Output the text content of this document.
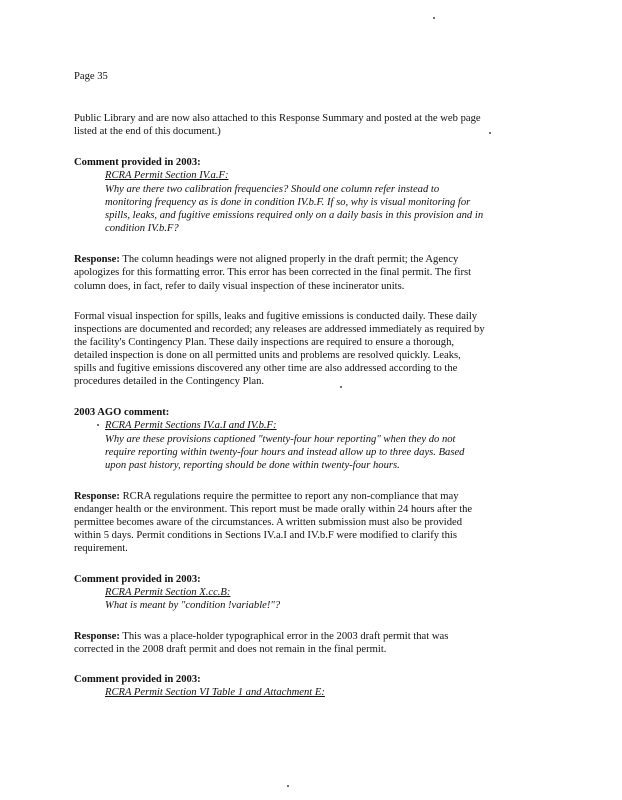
Page 35
Public Library and are now also attached to this Response Summary and posted at the web page
listed at the end of this document.)
Comment provided in 2003:
RCRA Permit Section IV.a.F:
Why are there two calibration frequencies? Should one column refer instead to
monitoring frequency as is done in condition IV.b.F. If so, why is visual monitoring for
spills, leaks, and fugitive emissions required only on a daily basis in this provision and in
condition IV.b.F?
Response: The column headings were not aligned properly in the draft permit; the Agency
apologizes for this formatting error. This error has been corrected in the final permit. The first
column does, in fact, refer to daily visual inspection of these incinerator units.
Formal visual inspection for spills, leaks and fugitive emissions is conducted daily. These daily
inspections are documented and recorded; any releases are addressed immediately as required by
the facility's Contingency Plan. These daily inspections are required to ensure a thorough,
detailed inspection is done on all permitted units and problems are resolved quickly. Leaks,
spills and fugitive emissions discovered any other time are also addressed according to the
procedures detailed in the Contingency Plan.
2003 AGO comment:
RCRA Permit Sections IV.a.I and IV.b.F:
Why are these provisions captioned "twenty-four hour reporting" when they do not
require reporting within twenty-four hours and instead allow up to three days. Based
upon past history, reporting should be done within twenty-four hours.
Response: RCRA regulations require the permittee to report any non-compliance that may
endanger health or the environment. This report must be made orally within 24 hours after the
permittee becomes aware of the circumstances. A written submission must also be provided
within 5 days. Permit conditions in Sections IV.a.I and IV.b.F were modified to clarify this
requirement.
Comment provided in 2003:
RCRA Permit Section X.cc.B:
What is meant by "condition !variable!"?
Response: This was a place-holder typographical error in the 2003 draft permit that was
corrected in the 2008 draft permit and does not remain in the final permit.
Comment provided in 2003:
RCRA Permit Section VI Table 1 and Attachment E:
